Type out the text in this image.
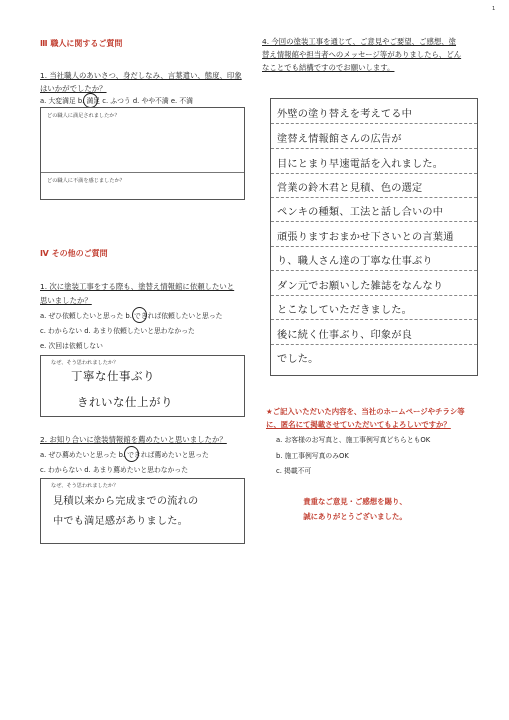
1
Ⅲ 職人に関するご質問
1. 当社職人のあいさつ、身だしなみ、言葉遣い、態度、印象
はいかがでしたか？
a. 大変満足 b. 満足 c. ふつう d. やや不満 e. 不満
どの職人に満足されましたか？
どの職人に不満を感じましたか？
Ⅳ その他のご質問
1. 次に塗装工事をする際も、塗替え情報館に依頼したいと
思いましたか？
a. ぜひ依頼したいと思った b. できれば依頼したいと思った
c. わからない d. あまり依頼したいと思わなかった
e. 次回は依頼しない
なぜ、そう思われましたか？
丁寧な仕事ぶり
きれいな仕上がり
2. お知り合いに塗装情報館を薦めたいと思いましたか？
a. ぜひ薦めたいと思った b. できれば薦めたいと思った
c. わからない d. あまり薦めたいと思わなかった
なぜ、そう思われましたか？
見積以来から完成までの流れの
中でも満足感がありました。
4. 今回の塗装工事を通じて、ご意見やご要望、ご感想、塗
替え情報館や担当者へのメッセージ等がありましたら、どん
なことでも結構ですのでお願いします。
外壁の塗り替えを考えてる中
塗替え情報館さんの広告が
目にとまり早速電話を入れました。
営業の鈴木君と見積、色の選定
ペンキの種類、工法と話し合いの中
頑張りますおまかせ下さいとの言葉通
り、職人さん達の丁寧な仕事ぶり
ダン元でお願いした雑誌をなんなり
とこなしていただきました。
後に続く仕事ぶり、印象が良
でした。
★ご記入いただいた内容を、当社のホームページやチラシ等
に、匿名にて掲載させていただいてもよろしいですか？
a. お客様のお写真と、施工事例写真どちらともOK
b. 施工事例写真のみOK
c. 掲載不可
貴重なご意見・ご感想を賜り、
誠にありがとうございました。
